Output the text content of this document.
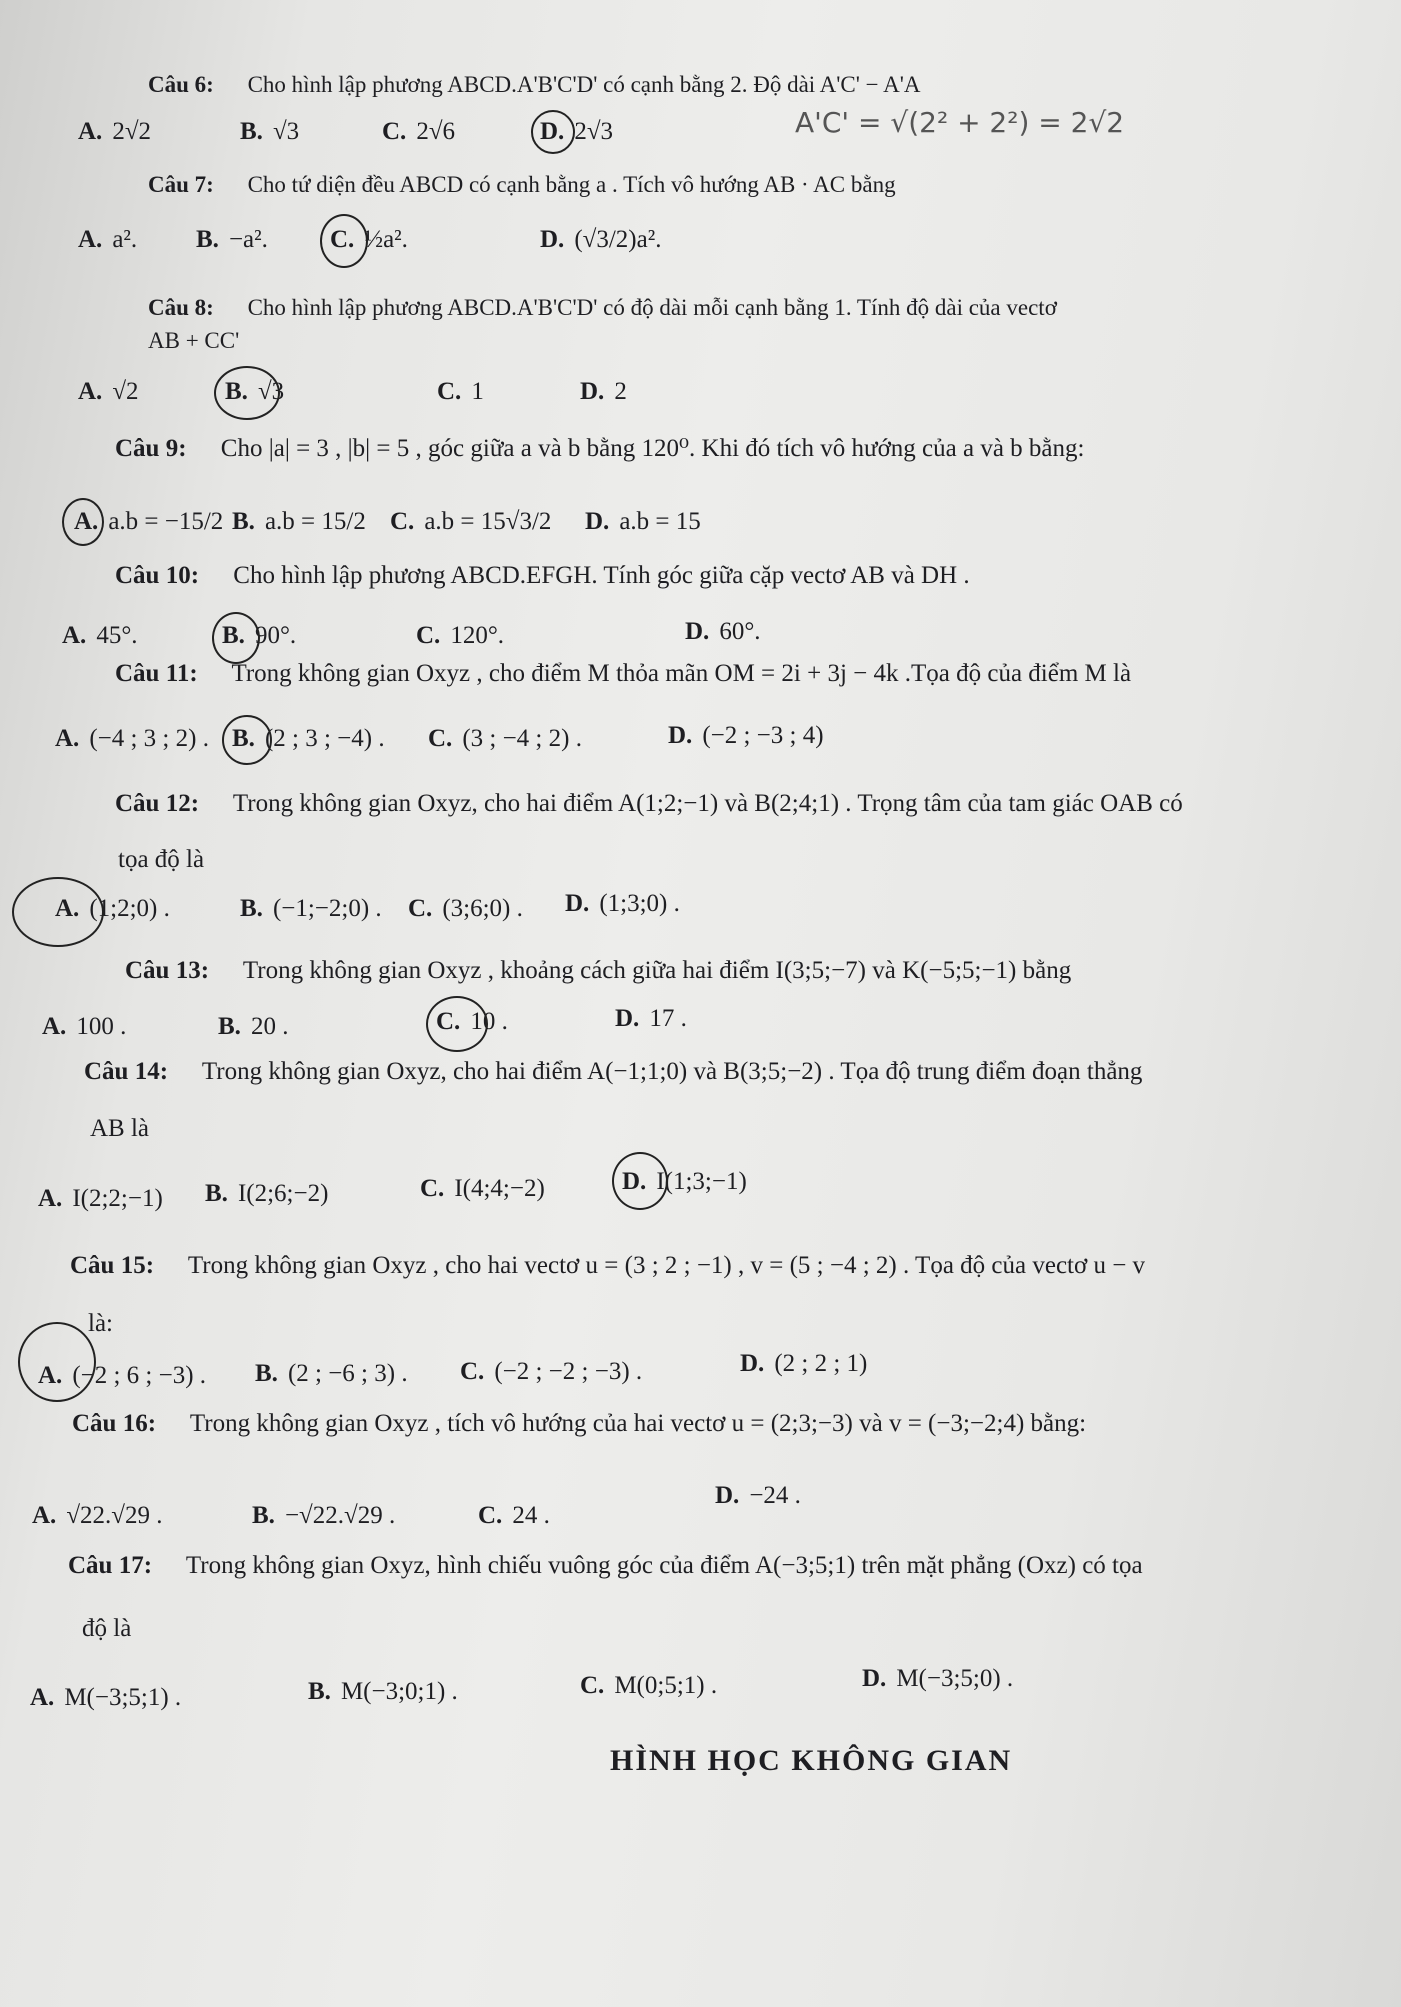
Câu 6: Cho hình lập phương ABCD.A'B'C'D' có cạnh bằng 2. Độ dài A'C' − A'A
A. 2√2	B. √3	C. 2√6	D. 2√3	A'C' = √(2² + 2²) = 2√2
Câu 7: Cho tứ diện đều ABCD có cạnh bằng a . Tích vô hướng AB · AC bằng
A. a². B. −a². C. ½a².	D. (√3/2)a².
Câu 8: Cho hình lập phương ABCD.A'B'C'D' có độ dài mỗi cạnh bằng 1. Tính độ dài của vectơ
AB + CC'
A. √2	B. √3	C. 1	D. 2
Câu 9: Cho |a| = 3 , |b| = 5 , góc giữa a và b bằng 120⁰. Khi đó tích vô hướng của a và b bằng:
A. a.b = −15/2 B. a.b = 15/2 C. a.b = 15√3/2 D. a.b = 15
Câu 10: Cho hình lập phương ABCD.EFGH. Tính góc giữa cặp vectơ AB và DH .
A. 45°.	B. 90°.	C. 120°.	D. 60°.
Câu 11: Trong không gian Oxyz , cho điểm M thỏa mãn OM = 2i + 3j − 4k .Tọa độ của điểm M là
A. (−4 ; 3 ; 2) . B. (2 ; 3 ; −4) . C. (3 ; −4 ; 2) .	D. (−2 ; −3 ; 4)
Câu 12: Trong không gian Oxyz, cho hai điểm A(1;2;−1) và B(2;4;1) . Trọng tâm của tam giác OAB có
tọa độ là
A. (1;2;0) .	B. (−1;−2;0) . C. (3;6;0) . D. (1;3;0) .
Câu 13: Trong không gian Oxyz , khoảng cách giữa hai điểm I(3;5;−7) và K(−5;5;−1) bằng
A. 100 .	B. 20 .	C. 10 .	D. 17 .
Câu 14: Trong không gian Oxyz, cho hai điểm A(−1;1;0) và B(3;5;−2) . Tọa độ trung điểm đoạn thẳng
AB là
A. I(2;2;−1) B. I(2;6;−2)	C. I(4;4;−2)	D. I(1;3;−1)
Câu 15: Trong không gian Oxyz , cho hai vectơ u = (3 ; 2 ; −1) , v = (5 ; −4 ; 2) . Tọa độ của vectơ u − v
là:
A. (−2 ; 6 ; −3) . B. (2 ; −6 ; 3) . C. (−2 ; −2 ; −3) .	D. (2 ; 2 ; 1)
Câu 16: Trong không gian Oxyz , tích vô hướng của hai vectơ u = (2;3;−3) và v = (−3;−2;4) bằng:
A. √22.√29 .	B. −√22.√29 .	C. 24 .
D. −24 .
Câu 17: Trong không gian Oxyz, hình chiếu vuông góc của điểm A(−3;5;1) trên mặt phẳng (Oxz) có tọa
độ là
A. M(−3;5;1) .	B. M(−3;0;1) .	C. M(0;5;1) .	D. M(−3;5;0) .
HÌNH HỌC KHÔNG GIAN
